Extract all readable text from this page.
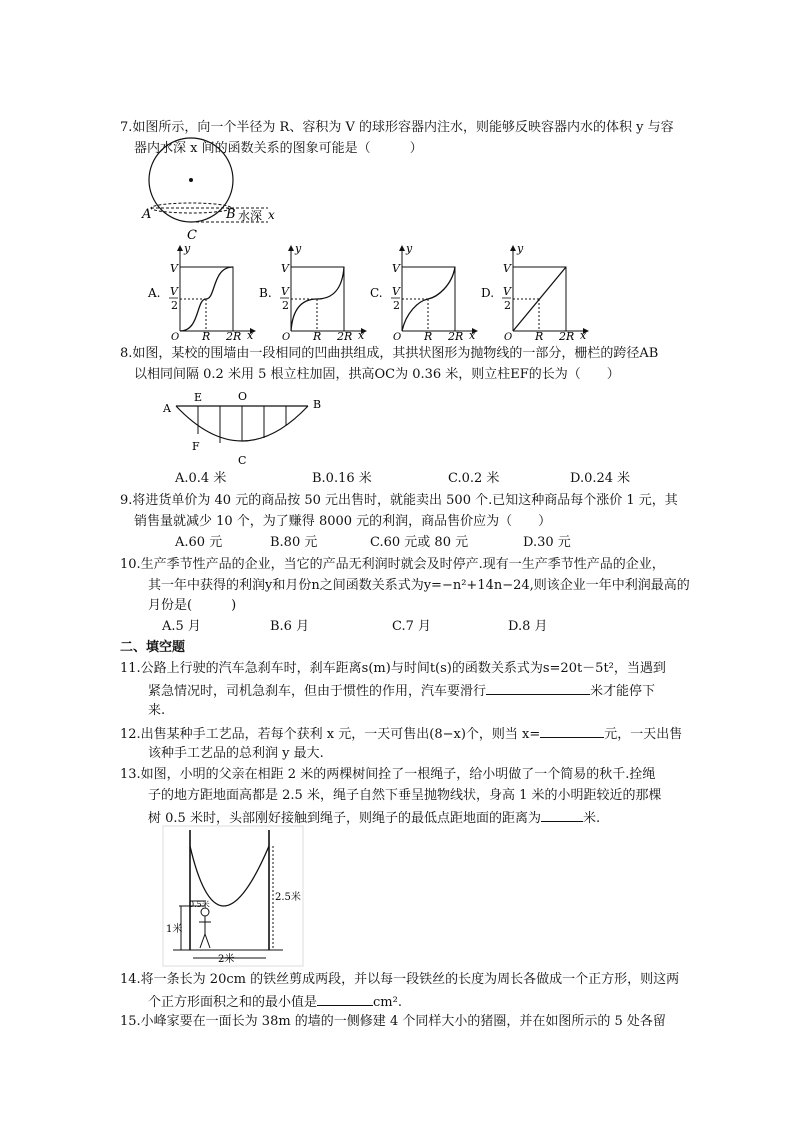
7.如图所示，向一个半径为 R、容积为 V 的球形容器内注水，则能够反映容器内水的体积 y 与容
器内水深 x 间的函数关系的图象可能是（　　　）
A	B 水深 x
C
A.
y
V
V
2
O R 2R x
B.
y
V
V
2
O R 2R x
C.
y
V
V
2
O R 2R x
D.
y
V
V
2
O R 2R x
8.如图，某校的围墙由一段相同的凹曲拱组成，其拱状图形为抛物线的一部分，栅栏的跨径AB
以相同间隔 0.2 米用 5 根立柱加固，拱高OC为 0.36 米，则立柱EF的长为（　　）
A
E	O
B
F
C
A.0.4 米	B.0.16 米	C.0.2 米	D.0.24 米
9.将进货单价为 40 元的商品按 50 元出售时，就能卖出 500 个.已知这种商品每个涨价 1 元，其
销售量就减少 10 个，为了赚得 8000 元的利润，商品售价应为（　　）
A.60 元	B.80 元	C.60 元或 80 元	D.30 元
10.生产季节性产品的企业，当它的产品无利润时就会及时停产.现有一生产季节性产品的企业，
其一年中获得的利润y和月份n之间函数关系式为y=−n²+14n−24,则该企业一年中利润最高的
月份是(　　　)
A.5 月	B.6 月	C.7 月	D.8 月
二、填空题
11.公路上行驶的汽车急刹车时，刹车距离s(m)与时间t(s)的函数关系式为s=20t－5t²，当遇到
紧急情况时，司机急刹车，但由于惯性的作用，汽车要滑行	米才能停下
来.
12.出售某种手工艺品，若每个获利 x 元，一天可售出(8−x)个，则当 x=	元，一天出售
该种手工艺品的总利润 y 最大.
13.如图，小明的父亲在相距 2 米的两棵树间拴了一根绳子，给小明做了一个简易的秋千.拴绳
子的地方距地面高都是 2.5 米，绳子自然下垂呈抛物线状，身高 1 米的小明距较近的那棵
树 0.5 米时，头部刚好接触到绳子，则绳子的最低点距地面的距离为	米.
0.5米
1米
2米
2.5米
14.将一条长为 20cm 的铁丝剪成两段，并以每一段铁丝的长度为周长各做成一个正方形，则这两
个正方形面积之和的最小值是	cm².
15.小峰家要在一面长为 38m 的墙的一侧修建 4 个同样大小的猪圈，并在如图所示的 5 处各留
